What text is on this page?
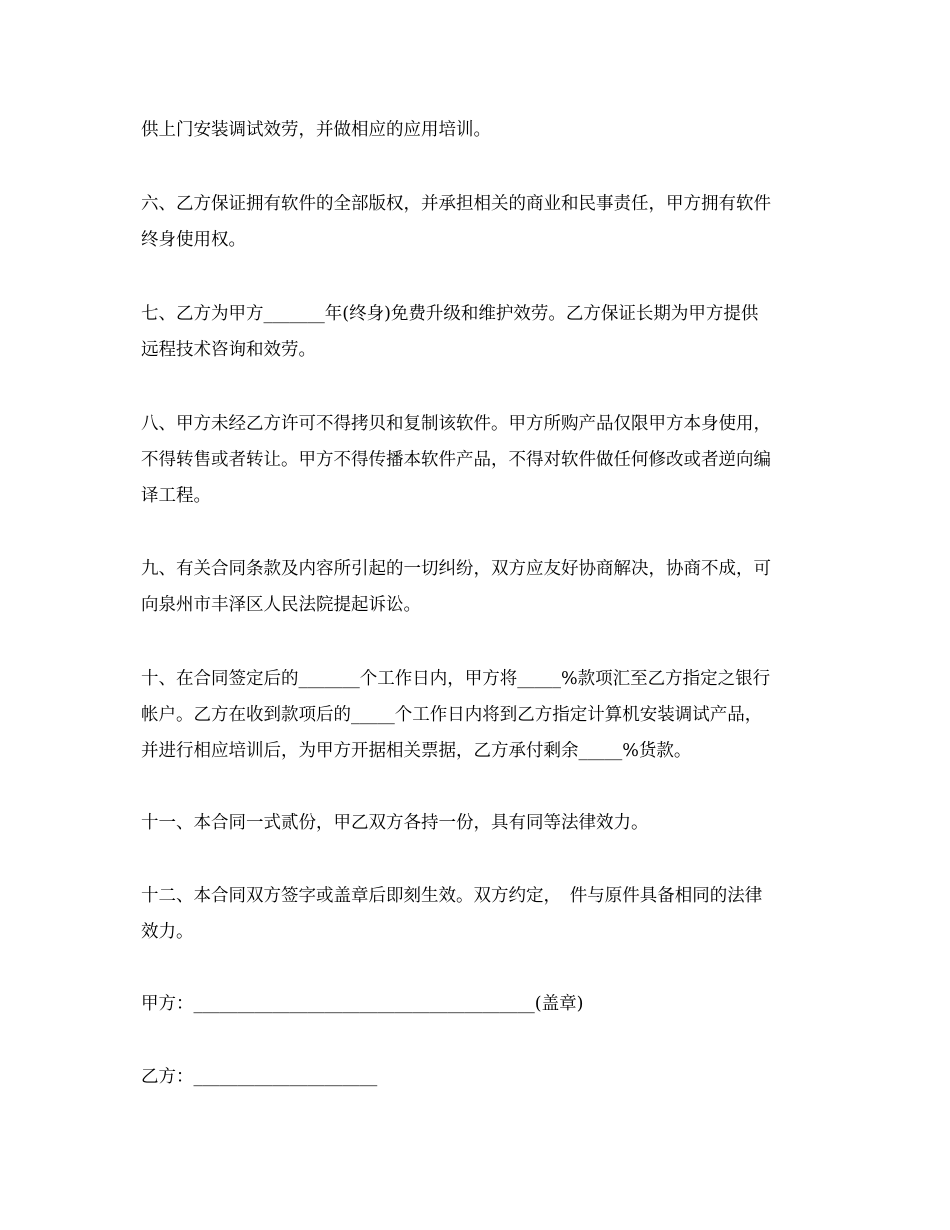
供上门安装调试效劳，并做相应的应用培训。

六、乙方保证拥有软件的全部版权，并承担相关的商业和民事责任，甲方拥有软件
终身使用权。

七、乙方为甲方_______年(终身)免费升级和维护效劳。乙方保证长期为甲方提供
远程技术咨询和效劳。

八、甲方未经乙方许可不得拷贝和复制该软件。甲方所购产品仅限甲方本身使用，
不得转售或者转让。甲方不得传播本软件产品，不得对软件做任何修改或者逆向编
译工程。

九、有关合同条款及内容所引起的一切纠纷，双方应友好协商解决，协商不成，可
向泉州市丰泽区人民法院提起诉讼。

十、在合同签定后的_______个工作日内，甲方将_____%款项汇至乙方指定之银行
帐户。乙方在收到款项后的_____个工作日内将到乙方指定计算机安装调试产品，
并进行相应培训后，为甲方开据相关票据，乙方承付剩余_____%货款。

十一、本合同一式贰份，甲乙双方各持一份，具有同等法律效力。

十二、本合同双方签字或盖章后即刻生效。双方约定，　件与原件具备相同的法律
效力。

甲方：_______________________________________(盖章)

乙方：_____________________
